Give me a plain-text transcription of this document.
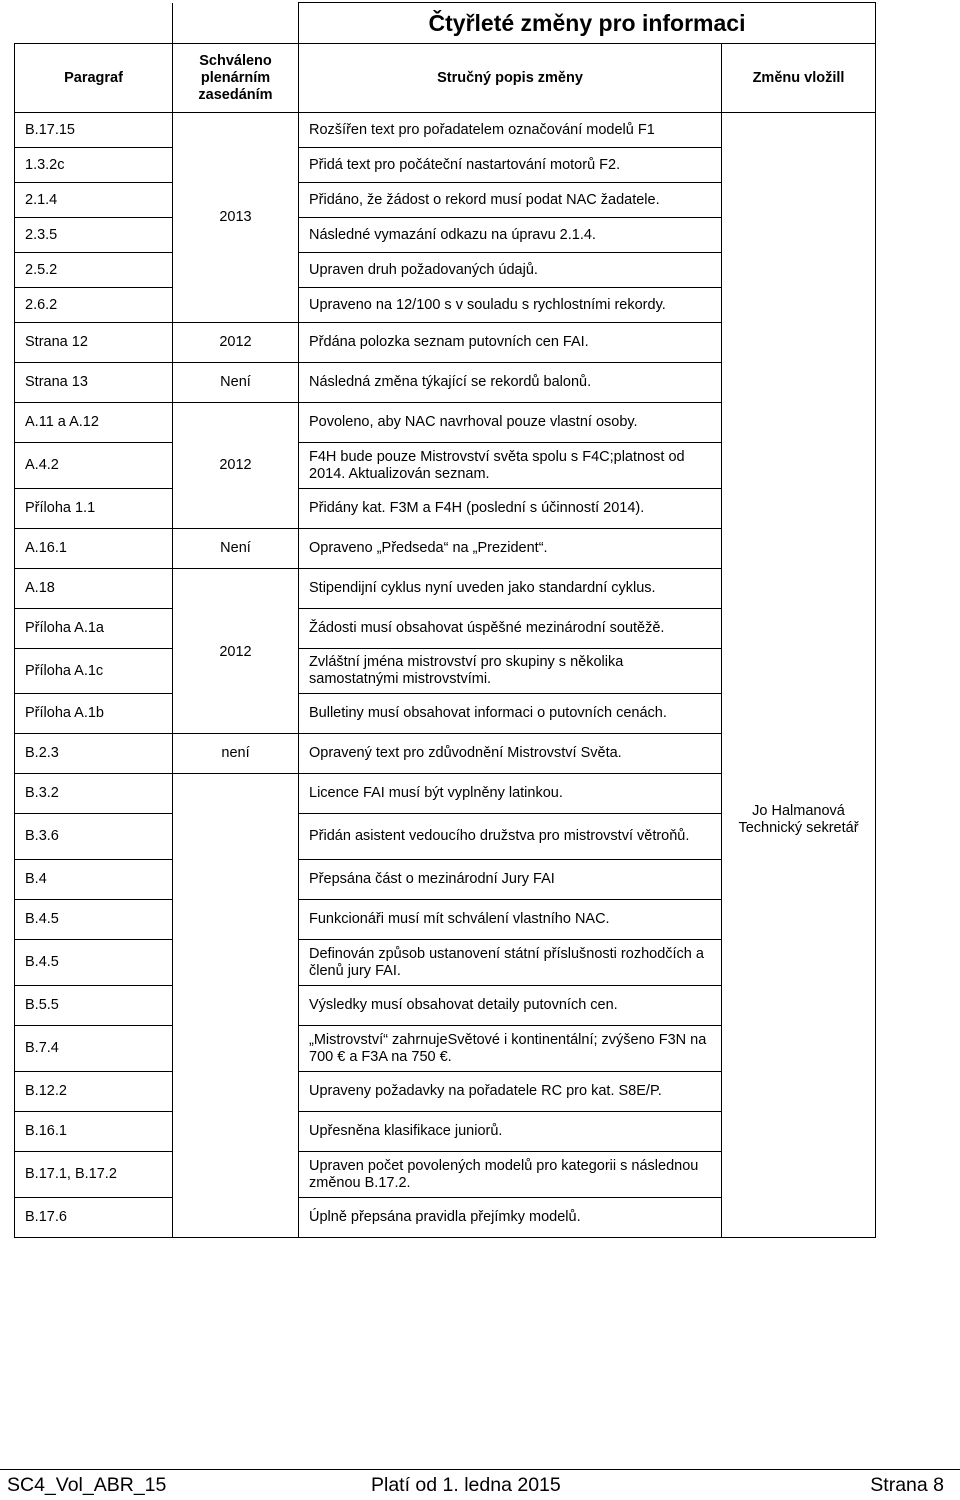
		Čtyřleté změny pro informaci	
Paragraf	Schváleno plenárním zasedáním	Stručný popis změny	Změnu vložill
B.17.15	2013	Rozšířen text pro pořadatelem označování modelů F1	Jo Halmanová Technický sekretář
1.3.2c		Přidá text pro počáteční nastartování motorů F2.	
2.1.4		Přidáno, že žádost o rekord musí podat NAC žadatele.	
2.3.5		Následné vymazání odkazu na úpravu 2.1.4.	
2.5.2		Upraven druh požadovaných údajů.	
2.6.2		Upraveno na 12/100 s v souladu s rychlostními rekordy.	
Strana 12	2012	Přdána polozka seznam putovních cen FAI.	
Strana 13	Není	Následná změna týkající se rekordů balonů.	
A.11 a A.12	2012	Povoleno, aby NAC navrhoval pouze vlastní osoby.	
A.4.2		F4H bude pouze Mistrovství světa spolu s F4C;platnost od 2014. Aktualizován seznam.	
Příloha 1.1		Přidány kat. F3M a F4H (poslední s účinností 2014).	
A.16.1	Není	Opraveno „Předseda“ na „Prezident“.	
A.18	2012	Stipendijní cyklus nyní uveden jako standardní cyklus.	
Příloha A.1a		Žádosti musí obsahovat úspěšné mezinárodní soutěžě.	
Příloha A.1c		Zvláštní jména mistrovství pro skupiny s několika samostatnými mistrovstvími.	
Příloha A.1b		Bulletiny musí obsahovat informaci o putovních cenách.	
B.2.3	není	Opravený text pro zdůvodnění Mistrovství Světa.	
B.3.2		Licence FAI musí být vyplněny latinkou.	
B.3.6		Přidán asistent vedoucího družstva pro mistrovství větroňů.	
B.4		Přepsána část o mezinárodní Jury FAI	
B.4.5		Funkcionáři musí mít schválení vlastního NAC.	
B.4.5		Definován způsob ustanovení státní příslušnosti rozhodčích a členů jury FAI.	
B.5.5		Výsledky musí obsahovat detaily putovních cen.	
B.7.4		„Mistrovství“ zahrnujeSvětové i kontinentální; zvýšeno F3N na 700 € a F3A na 750 €.	
B.12.2		Upraveny požadavky na pořadatele RC pro kat. S8E/P.	
B.16.1		Upřesněna klasifikace juniorů.	
B.17.1, B.17.2		Upraven počet povolených modelů pro kategorii s následnou změnou B.17.2.	
B.17.6		Úplně přepsána pravidla přejímky modelů.	
SC4_Vol_ABR_15	Platí od 1. ledna 2015	Strana 8
